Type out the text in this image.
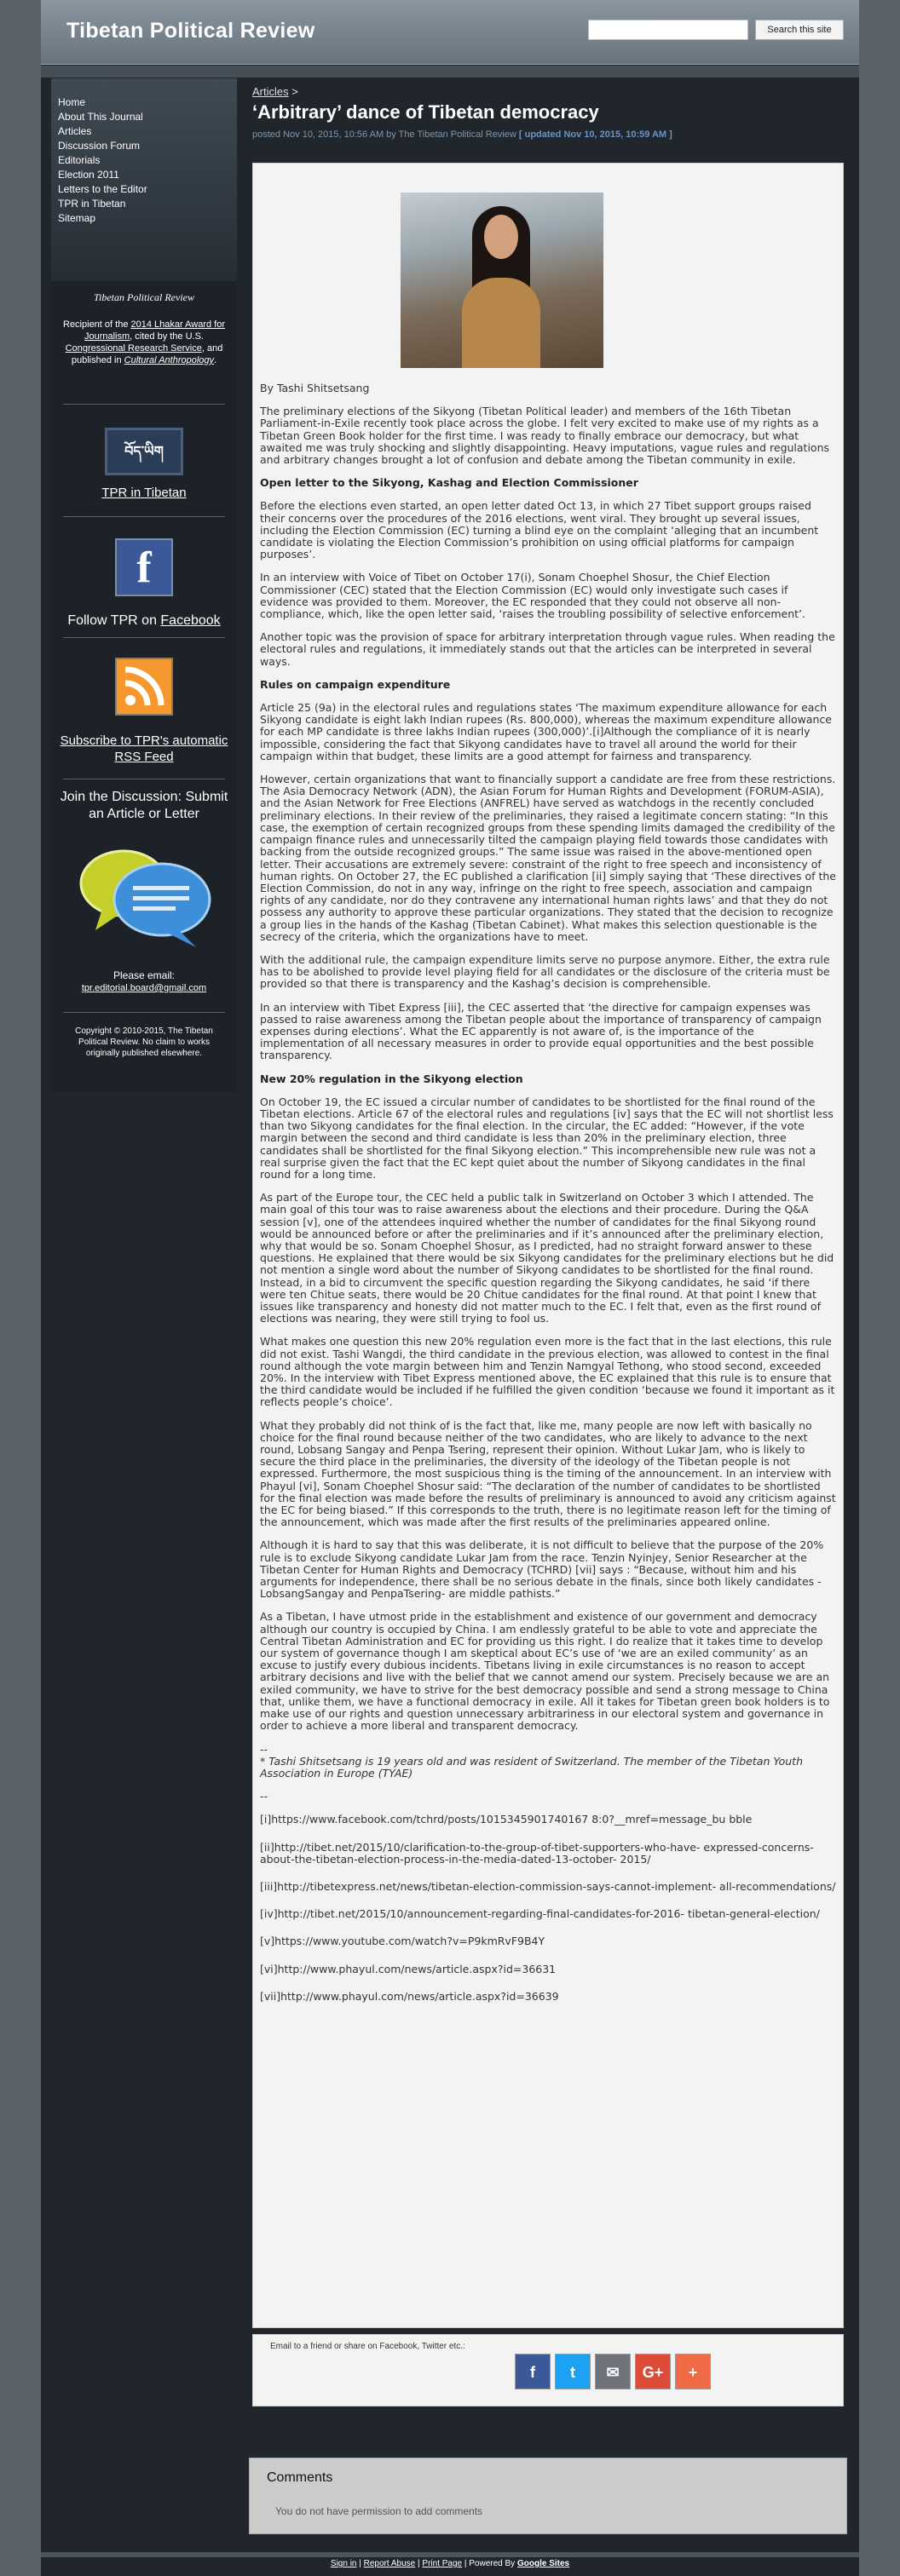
Tibetan Political Review	Search this site
Home
About This Journal
Articles
Discussion Forum
Editorials
Election 2011
Letters to the Editor
TPR in Tibetan
Sitemap
Tibetan Political Review
Recipient of the 2014 Lhakar Award for Journalism, cited by the U.S. Congressional Research Service, and published in Cultural Anthropology.
བོད་ཡིག
TPR in Tibetan
f
Follow TPR on Facebook
Subscribe to TPR's automatic RSS Feed
Join the Discussion: Submit an Article or Letter
Please email:
tpr.editorial.board@gmail.com
Copyright © 2010-2015, The Tibetan Political Review. No claim to works originally published elsewhere.
Articles >
‘Arbitrary’ dance of Tibetan democracy
posted Nov 10, 2015, 10:56 AM by The Tibetan Political Review [ updated Nov 10, 2015, 10:59 AM ]

By Tashi Shitsetsang

The preliminary elections of the Sikyong (Tibetan Political leader) and members of the 16th Tibetan Parliament-in-Exile recently took place across the globe. I felt very excited to make use of my rights as a Tibetan Green Book holder for the first time. I was ready to finally embrace our democracy, but what awaited me was truly shocking and slightly disappointing. Heavy imputations, vague rules and regulations and arbitrary changes brought a lot of confusion and debate among the Tibetan community in exile.

Open letter to the Sikyong, Kashag and Election Commissioner

Before the elections even started, an open letter dated Oct 13, in which 27 Tibet support groups raised their concerns over the procedures of the 2016 elections, went viral. They brought up several issues, including the Election Commission (EC) turning a blind eye on the complaint ‘alleging that an incumbent candidate is violating the Election Commission’s prohibition on using official platforms for campaign purposes’.

In an interview with Voice of Tibet on October 17(i), Sonam Choephel Shosur, the Chief Election Commissioner (CEC) stated that the Election Commission (EC) would only investigate such cases if evidence was provided to them. Moreover, the EC responded that they could not observe all non-compliance, which, like the open letter said, ‘raises the troubling possibility of selective enforcement’.

Another topic was the provision of space for arbitrary interpretation through vague rules. When reading the electoral rules and regulations, it immediately stands out that the articles can be interpreted in several ways.

Rules on campaign expenditure

Article 25 (9a) in the electoral rules and regulations states ‘The maximum expenditure allowance for each Sikyong candidate is eight lakh Indian rupees (Rs. 800,000), whereas the maximum expenditure allowance for each MP candidate is three lakhs Indian rupees (300,000)’.[i]Although the compliance of it is nearly impossible, considering the fact that Sikyong candidates have to travel all around the world for their campaign within that budget, these limits are a good attempt for fairness and transparency.

However, certain organizations that want to financially support a candidate are free from these restrictions. The Asia Democracy Network (ADN), the Asian Forum for Human Rights and Development (FORUM-ASIA), and the Asian Network for Free Elections (ANFREL) have served as watchdogs in the recently concluded preliminary elections. In their review of the preliminaries, they raised a legitimate concern stating: “In this case, the exemption of certain recognized groups from these spending limits damaged the credibility of the campaign finance rules and unnecessarily tilted the campaign playing field towards those candidates with backing from the outside recognized groups.” The same issue was raised in the above-mentioned open letter. Their accusations are extremely severe: constraint of the right to free speech and inconsistency of human rights. On October 27, the EC published a clarification [ii] simply saying that ‘These directives of the Election Commission, do not in any way, infringe on the right to free speech, association and campaign rights of any candidate, nor do they contravene any international human rights laws’ and that they do not possess any authority to approve these particular organizations. They stated that the decision to recognize a group lies in the hands of the Kashag (Tibetan Cabinet). What makes this selection questionable is the secrecy of the criteria, which the organizations have to meet.

With the additional rule, the campaign expenditure limits serve no purpose anymore. Either, the extra rule has to be abolished to provide level playing field for all candidates or the disclosure of the criteria must be provided so that there is transparency and the Kashag’s decision is comprehensible.

In an interview with Tibet Express [iii], the CEC asserted that ‘the directive for campaign expenses was passed to raise awareness among the Tibetan people about the importance of transparency of campaign expenses during elections’. What the EC apparently is not aware of, is the importance of the implementation of all necessary measures in order to provide equal opportunities and the best possible transparency.

New 20% regulation in the Sikyong election

On October 19, the EC issued a circular number of candidates to be shortlisted for the final round of the Tibetan elections. Article 67 of the electoral rules and regulations [iv] says that the EC will not shortlist less than two Sikyong candidates for the final election. In the circular, the EC added: “However, if the vote margin between the second and third candidate is less than 20% in the preliminary election, three candidates shall be shortlisted for the final Sikyong election.” This incomprehensible new rule was not a real surprise given the fact that the EC kept quiet about the number of Sikyong candidates in the final round for a long time.

As part of the Europe tour, the CEC held a public talk in Switzerland on October 3 which I attended. The main goal of this tour was to raise awareness about the elections and their procedure. During the Q&A session [v], one of the attendees inquired whether the number of candidates for the final Sikyong round would be announced before or after the preliminaries and if it’s announced after the preliminary election, why that would be so. Sonam Choephel Shosur, as I predicted, had no straight forward answer to these questions. He explained that there would be six Sikyong candidates for the preliminary elections but he did not mention a single word about the number of Sikyong candidates to be shortlisted for the final round. Instead, in a bid to circumvent the specific question regarding the Sikyong candidates, he said ‘if there were ten Chitue seats, there would be 20 Chitue candidates for the final round. At that point I knew that issues like transparency and honesty did not matter much to the EC. I felt that, even as the first round of elections was nearing, they were still trying to fool us.

What makes one question this new 20% regulation even more is the fact that in the last elections, this rule did not exist. Tashi Wangdi, the third candidate in the previous election, was allowed to contest in the final round although the vote margin between him and Tenzin Namgyal Tethong, who stood second, exceeded 20%. In the interview with Tibet Express mentioned above, the EC explained that this rule is to ensure that the third candidate would be included if he fulfilled the given condition ‘because we found it important as it reflects people’s choice’.

What they probably did not think of is the fact that, like me, many people are now left with basically no choice for the final round because neither of the two candidates, who are likely to advance to the next round, Lobsang Sangay and Penpa Tsering, represent their opinion. Without Lukar Jam, who is likely to secure the third place in the preliminaries, the diversity of the ideology of the Tibetan people is not expressed. Furthermore, the most suspicious thing is the timing of the announcement. In an interview with Phayul [vi], Sonam Choephel Shosur said: “The declaration of the number of candidates to be shortlisted for the final election was made before the results of preliminary is announced to avoid any criticism against the EC for being biased.” If this corresponds to the truth, there is no legitimate reason left for the timing of the announcement, which was made after the first results of the preliminaries appeared online.

Although it is hard to say that this was deliberate, it is not difficult to believe that the purpose of the 20% rule is to exclude Sikyong candidate Lukar Jam from the race. Tenzin Nyinjey, Senior Researcher at the Tibetan Center for Human Rights and Democracy (TCHRD) [vii] says : “Because, without him and his arguments for independence, there shall be no serious debate in the finals, since both likely candidates - LobsangSangay and PenpaTsering- are middle pathists.”

As a Tibetan, I have utmost pride in the establishment and existence of our government and democracy although our country is occupied by China. I am endlessly grateful to be able to vote and appreciate the Central Tibetan Administration and EC for providing us this right. I do realize that it takes time to develop our system of governance though I am skeptical about EC’s use of ‘we are an exiled community’ as an excuse to justify every dubious incidents. Tibetans living in exile circumstances is no reason to accept arbitrary decisions and live with the belief that we cannot amend our system. Precisely because we are an exiled community, we have to strive for the best democracy possible and send a strong message to China that, unlike them, we have a functional democracy in exile. All it takes for Tibetan green book holders is to make use of our rights and question unnecessary arbitrariness in our electoral system and governance in order to achieve a more liberal and transparent democracy.

--

* Tashi Shitsetsang is 19 years old and was resident of Switzerland. The member of the Tibetan Youth Association in Europe (TYAE)

--

[i]https://www.facebook.com/tchrd/posts/1015345901740167 8:0?__mref=message_bu bble

[ii]http://tibet.net/2015/10/clarification-to-the-group-of-tibet-supporters-who-have- expressed-concerns-about-the-tibetan-election-process-in-the-media-dated-13-october- 2015/

[iii]http://tibetexpress.net/news/tibetan-election-commission-says-cannot-implement- all-recommendations/

[iv]http://tibet.net/2015/10/announcement-regarding-final-candidates-for-2016- tibetan-general-election/

[v]https://www.youtube.com/watch?v=P9kmRvF9B4Y

[vi]http://www.phayul.com/news/article.aspx?id=36631

[vii]http://www.phayul.com/news/article.aspx?id=36639

Email to a friend or share on Facebook, Twitter etc.:
f	t	✉	G+	+
Comments
You do not have permission to add comments
Sign in | Report Abuse | Print Page | Powered By Google Sites
